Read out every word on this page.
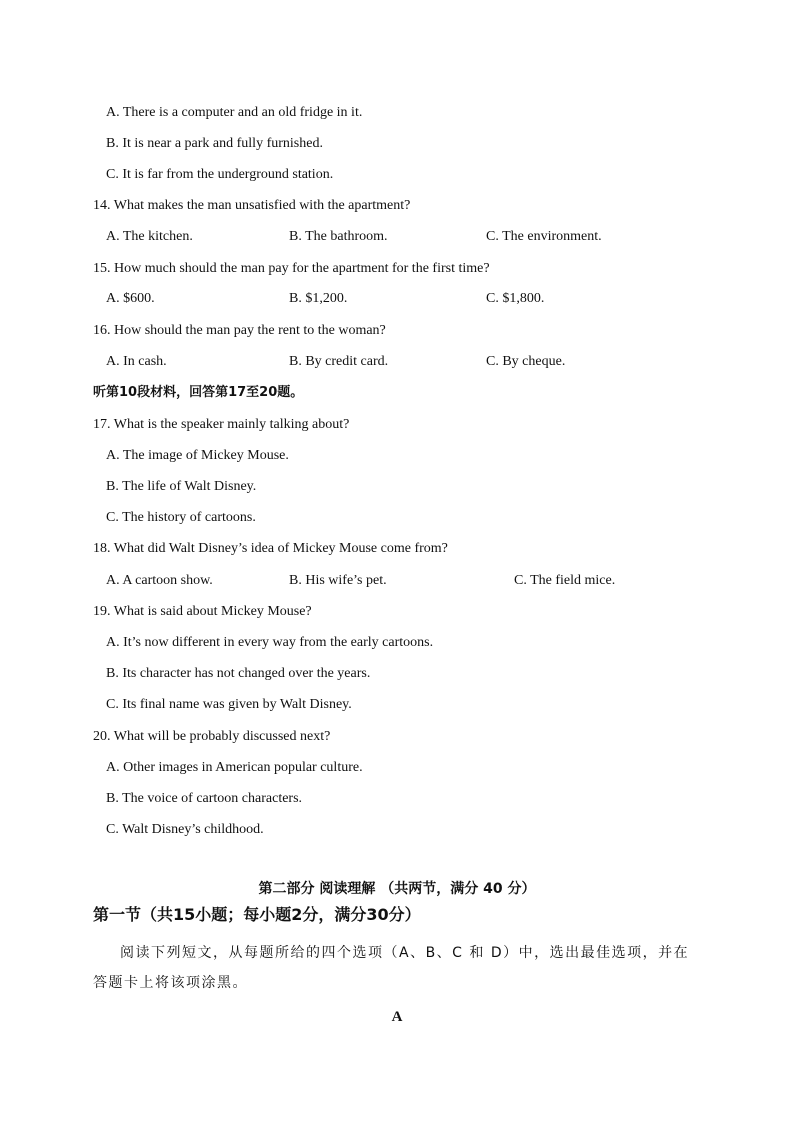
A. There is a computer and an old fridge in it.
B. It is near a park and fully furnished.
C. It is far from the underground station.
14. What makes the man unsatisfied with the apartment?
A. The kitchen.	B. The bathroom.	C. The environment.
15. How much should the man pay for the apartment for the first time?
A. $600.	B. $1,200.	C. $1,800.
16. How should the man pay the rent to the woman?
A. In cash.	B. By credit card.	C. By cheque.
听第10段材料，回答第17至20题。
17. What is the speaker mainly talking about?
A. The image of Mickey Mouse.
B. The life of Walt Disney.
C. The history of cartoons.
18. What did Walt Disney’s idea of Mickey Mouse come from?
A. A cartoon show.	B. His wife’s pet.	C. The field mice.
19. What is said about Mickey Mouse?
A. It’s now different in every way from the early cartoons.
B. Its character has not changed over the years.
C. Its final name was given by Walt Disney.
20. What will be probably discussed next?
A. Other images in American popular culture.
B. The voice of cartoon characters.
C. Walt Disney’s childhood.
第二部分 阅读理解 （共两节，满分 40 分）
第一节（共15小题；每小题2分，满分30分）
阅读下列短文，从每题所给的四个选项（A、B、C 和 D）中，选出最佳选项，并在
答题卡上将该项涂黑。
A
